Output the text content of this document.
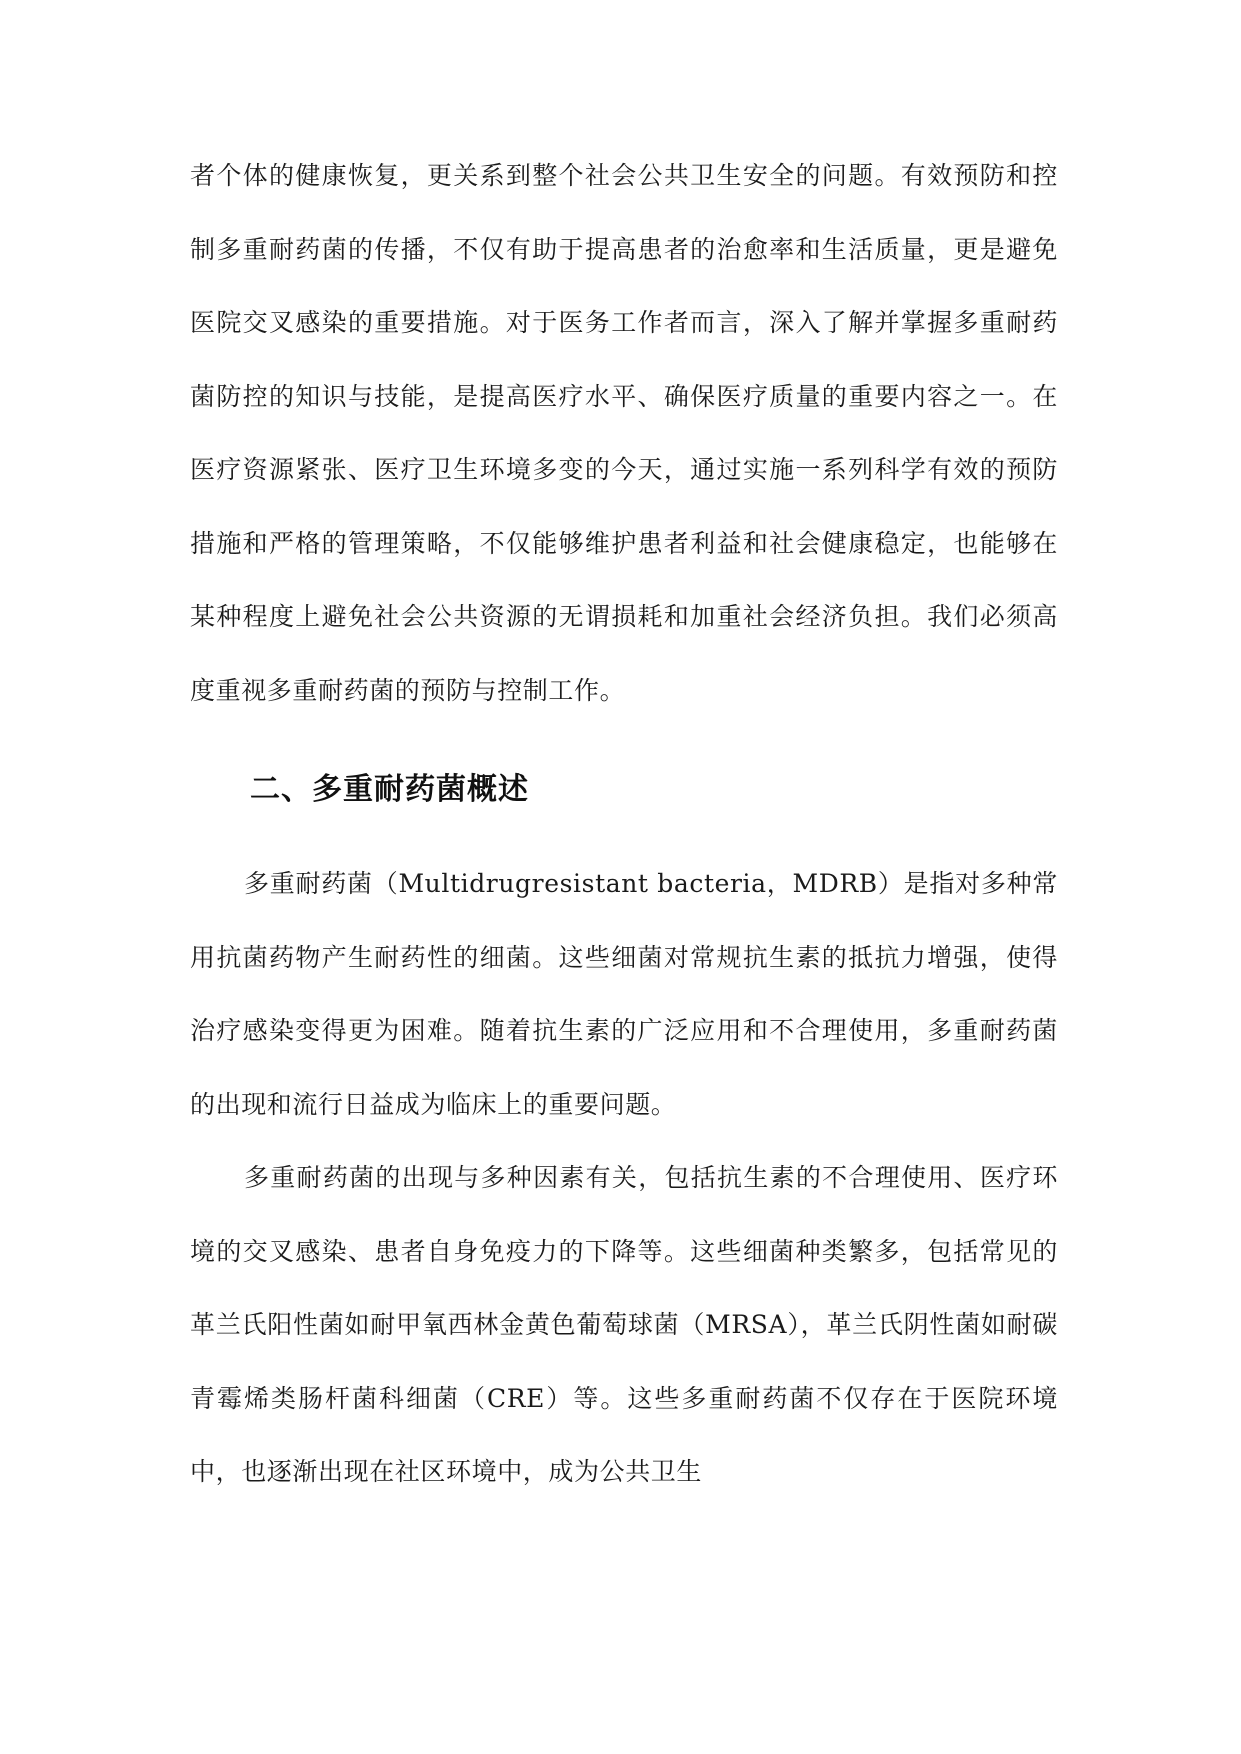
者个体的健康恢复，更关系到整个社会公共卫生安全的问题。有效预防和控制多重耐药菌的传播，不仅有助于提高患者的治愈率和生活质量，更是避免医院交叉感染的重要措施。对于医务工作者而言，深入了解并掌握多重耐药菌防控的知识与技能，是提高医疗水平、确保医疗质量的重要内容之一。在医疗资源紧张、医疗卫生环境多变的今天，通过实施一系列科学有效的预防措施和严格的管理策略，不仅能够维护患者利益和社会健康稳定，也能够在某种程度上避免社会公共资源的无谓损耗和加重社会经济负担。我们必须高度重视多重耐药菌的预防与控制工作。

二、多重耐药菌概述

多重耐药菌（Multidrugresistant bacteria，MDRB）是指对多种常用抗菌药物产生耐药性的细菌。这些细菌对常规抗生素的抵抗力增强，使得治疗感染变得更为困难。随着抗生素的广泛应用和不合理使用，多重耐药菌的出现和流行日益成为临床上的重要问题。

多重耐药菌的出现与多种因素有关，包括抗生素的不合理使用、医疗环境的交叉感染、患者自身免疫力的下降等。这些细菌种类繁多，包括常见的革兰氏阳性菌如耐甲氧西林金黄色葡萄球菌（MRSA），革兰氏阴性菌如耐碳青霉烯类肠杆菌科细菌（CRE）等。这些多重耐药菌不仅存在于医院环境中，也逐渐出现在社区环境中，成为公共卫生
